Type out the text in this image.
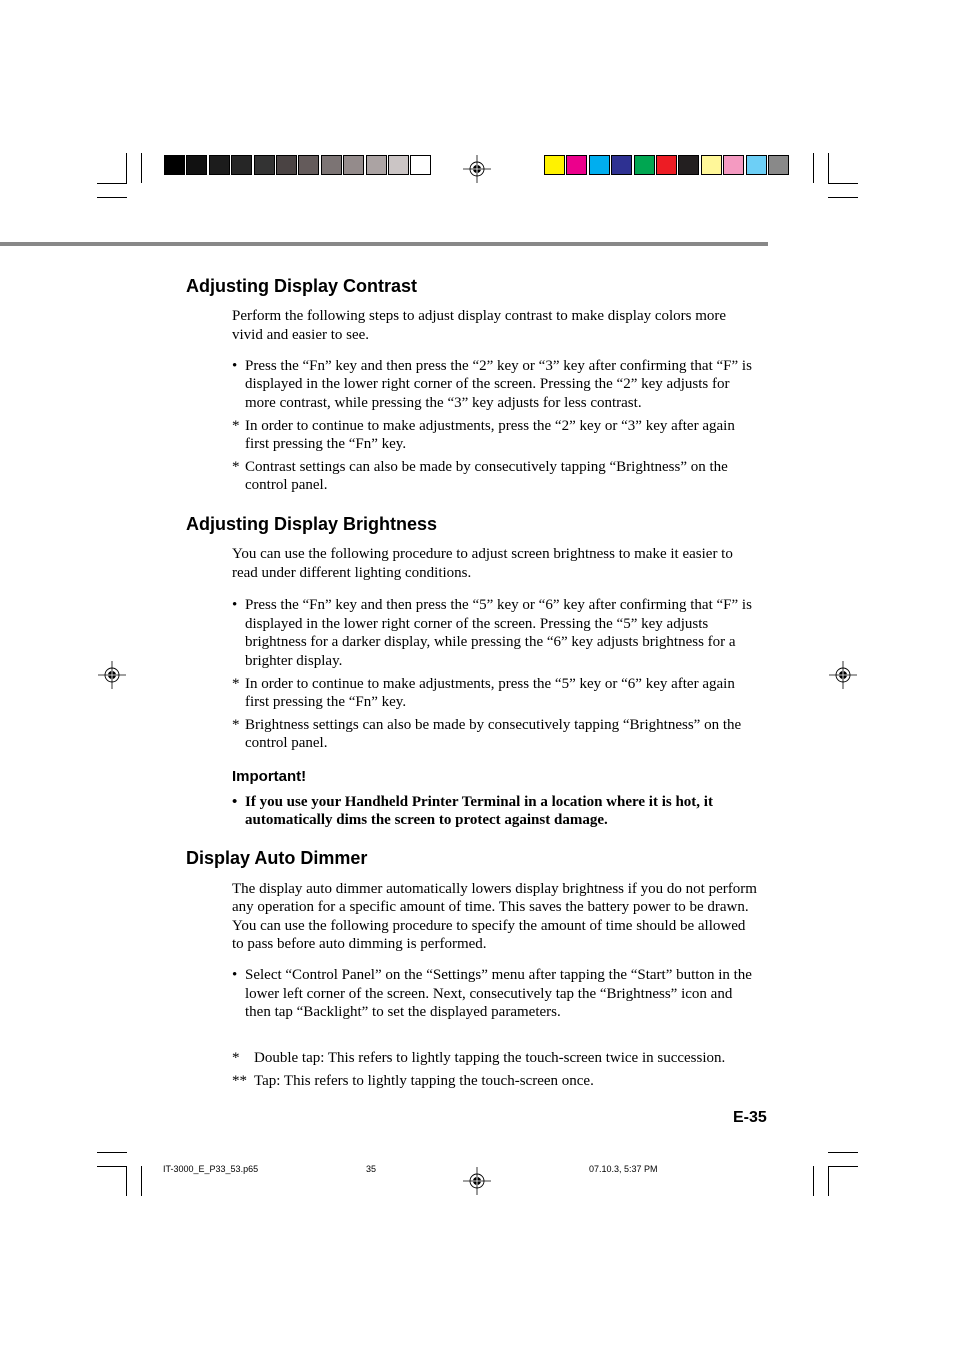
Adjusting Display Contrast
Perform the following steps to adjust display contrast to make display colors more
vivid and easier to see.
• Press the “Fn” key and then press the “2” key or “3” key after confirming that “F” is
displayed in the lower right corner of the screen. Pressing the “2” key adjusts for
more contrast, while pressing the “3” key adjusts for less contrast.
* In order to continue to make adjustments, press the “2” key or “3” key after again
first pressing the “Fn” key.
* Contrast settings can also be made by consecutively tapping “Brightness” on the
control panel.
Adjusting Display Brightness
You can use the following procedure to adjust screen brightness to make it easier to
read under different lighting conditions.
• Press the “Fn” key and then press the “5” key or “6” key after confirming that “F” is
displayed in the lower right corner of the screen. Pressing the “5” key adjusts
brightness for a darker display, while pressing the “6” key adjusts brightness for a
brighter display.
* In order to continue to make adjustments, press the “5” key or “6” key after again
first pressing the “Fn” key.
* Brightness settings can also be made by consecutively tapping “Brightness” on the
control panel.
Important!
• If you use your Handheld Printer Terminal in a location where it is hot, it
automatically dims the screen to protect against damage.
Display Auto Dimmer
The display auto dimmer automatically lowers display brightness if you do not perform
any operation for a specific amount of time. This saves the battery power to be drawn.
You can use the following procedure to specify the amount of time should be allowed
to pass before auto dimming is performed.
• Select “Control Panel” on the “Settings” menu after tapping the “Start” button in the
lower left corner of the screen. Next, consecutively tap the “Brightness” icon and
then tap “Backlight” to set the displayed parameters.
* Double tap: This refers to lightly tapping the touch-screen twice in succession.
** Tap: This refers to lightly tapping the touch-screen once.
E-35
IT-3000_E_P33_53.p65	35	07.10.3, 5:37 PM
